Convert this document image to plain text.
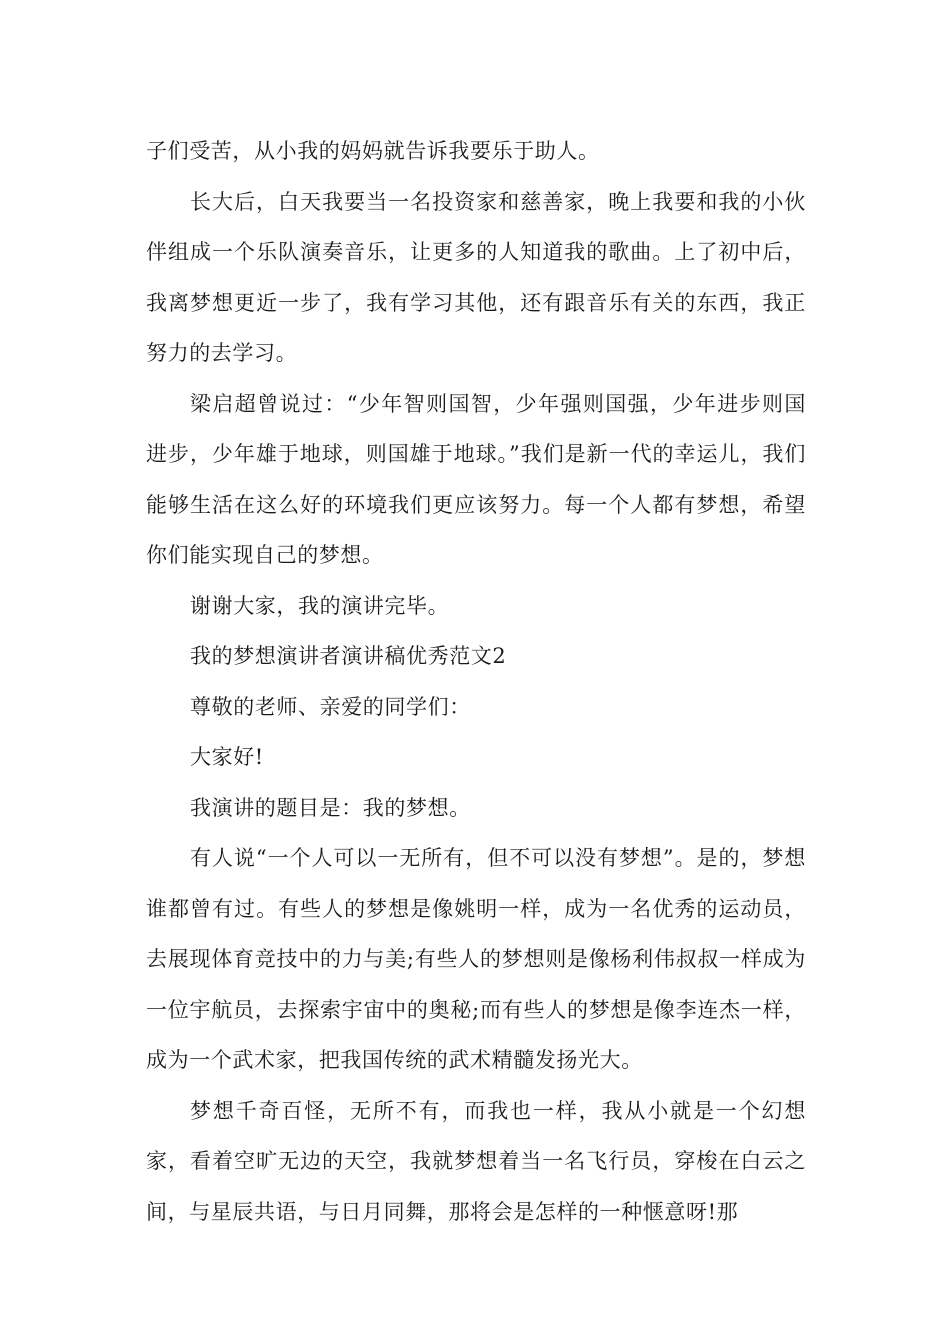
子们受苦，从小我的妈妈就告诉我要乐于助人。

长大后，白天我要当一名投资家和慈善家，晚上我要和我的小伙伴组成一个乐队演奏音乐，让更多的人知道我的歌曲。上了初中后，我离梦想更近一步了，我有学习其他，还有跟音乐有关的东西，我正努力的去学习。

梁启超曾说过：“少年智则国智，少年强则国强，少年进步则国进步，少年雄于地球，则国雄于地球。”我们是新一代的幸运儿，我们能够生活在这么好的环境我们更应该努力。每一个人都有梦想，希望你们能实现自己的梦想。

谢谢大家，我的演讲完毕。

我的梦想演讲者演讲稿优秀范文2

尊敬的老师、亲爱的同学们：

大家好!

我演讲的题目是：我的梦想。

有人说“一个人可以一无所有，但不可以没有梦想”。是的，梦想谁都曾有过。有些人的梦想是像姚明一样，成为一名优秀的运动员，去展现体育竞技中的力与美;有些人的梦想则是像杨利伟叔叔一样成为一位宇航员，去探索宇宙中的奥秘;而有些人的梦想是像李连杰一样，成为一个武术家，把我国传统的武术精髓发扬光大。

梦想千奇百怪，无所不有，而我也一样，我从小就是一个幻想家，看着空旷无边的天空，我就梦想着当一名飞行员，穿梭在白云之间，与星辰共语，与日月同舞，那将会是怎样的一种惬意呀!那
